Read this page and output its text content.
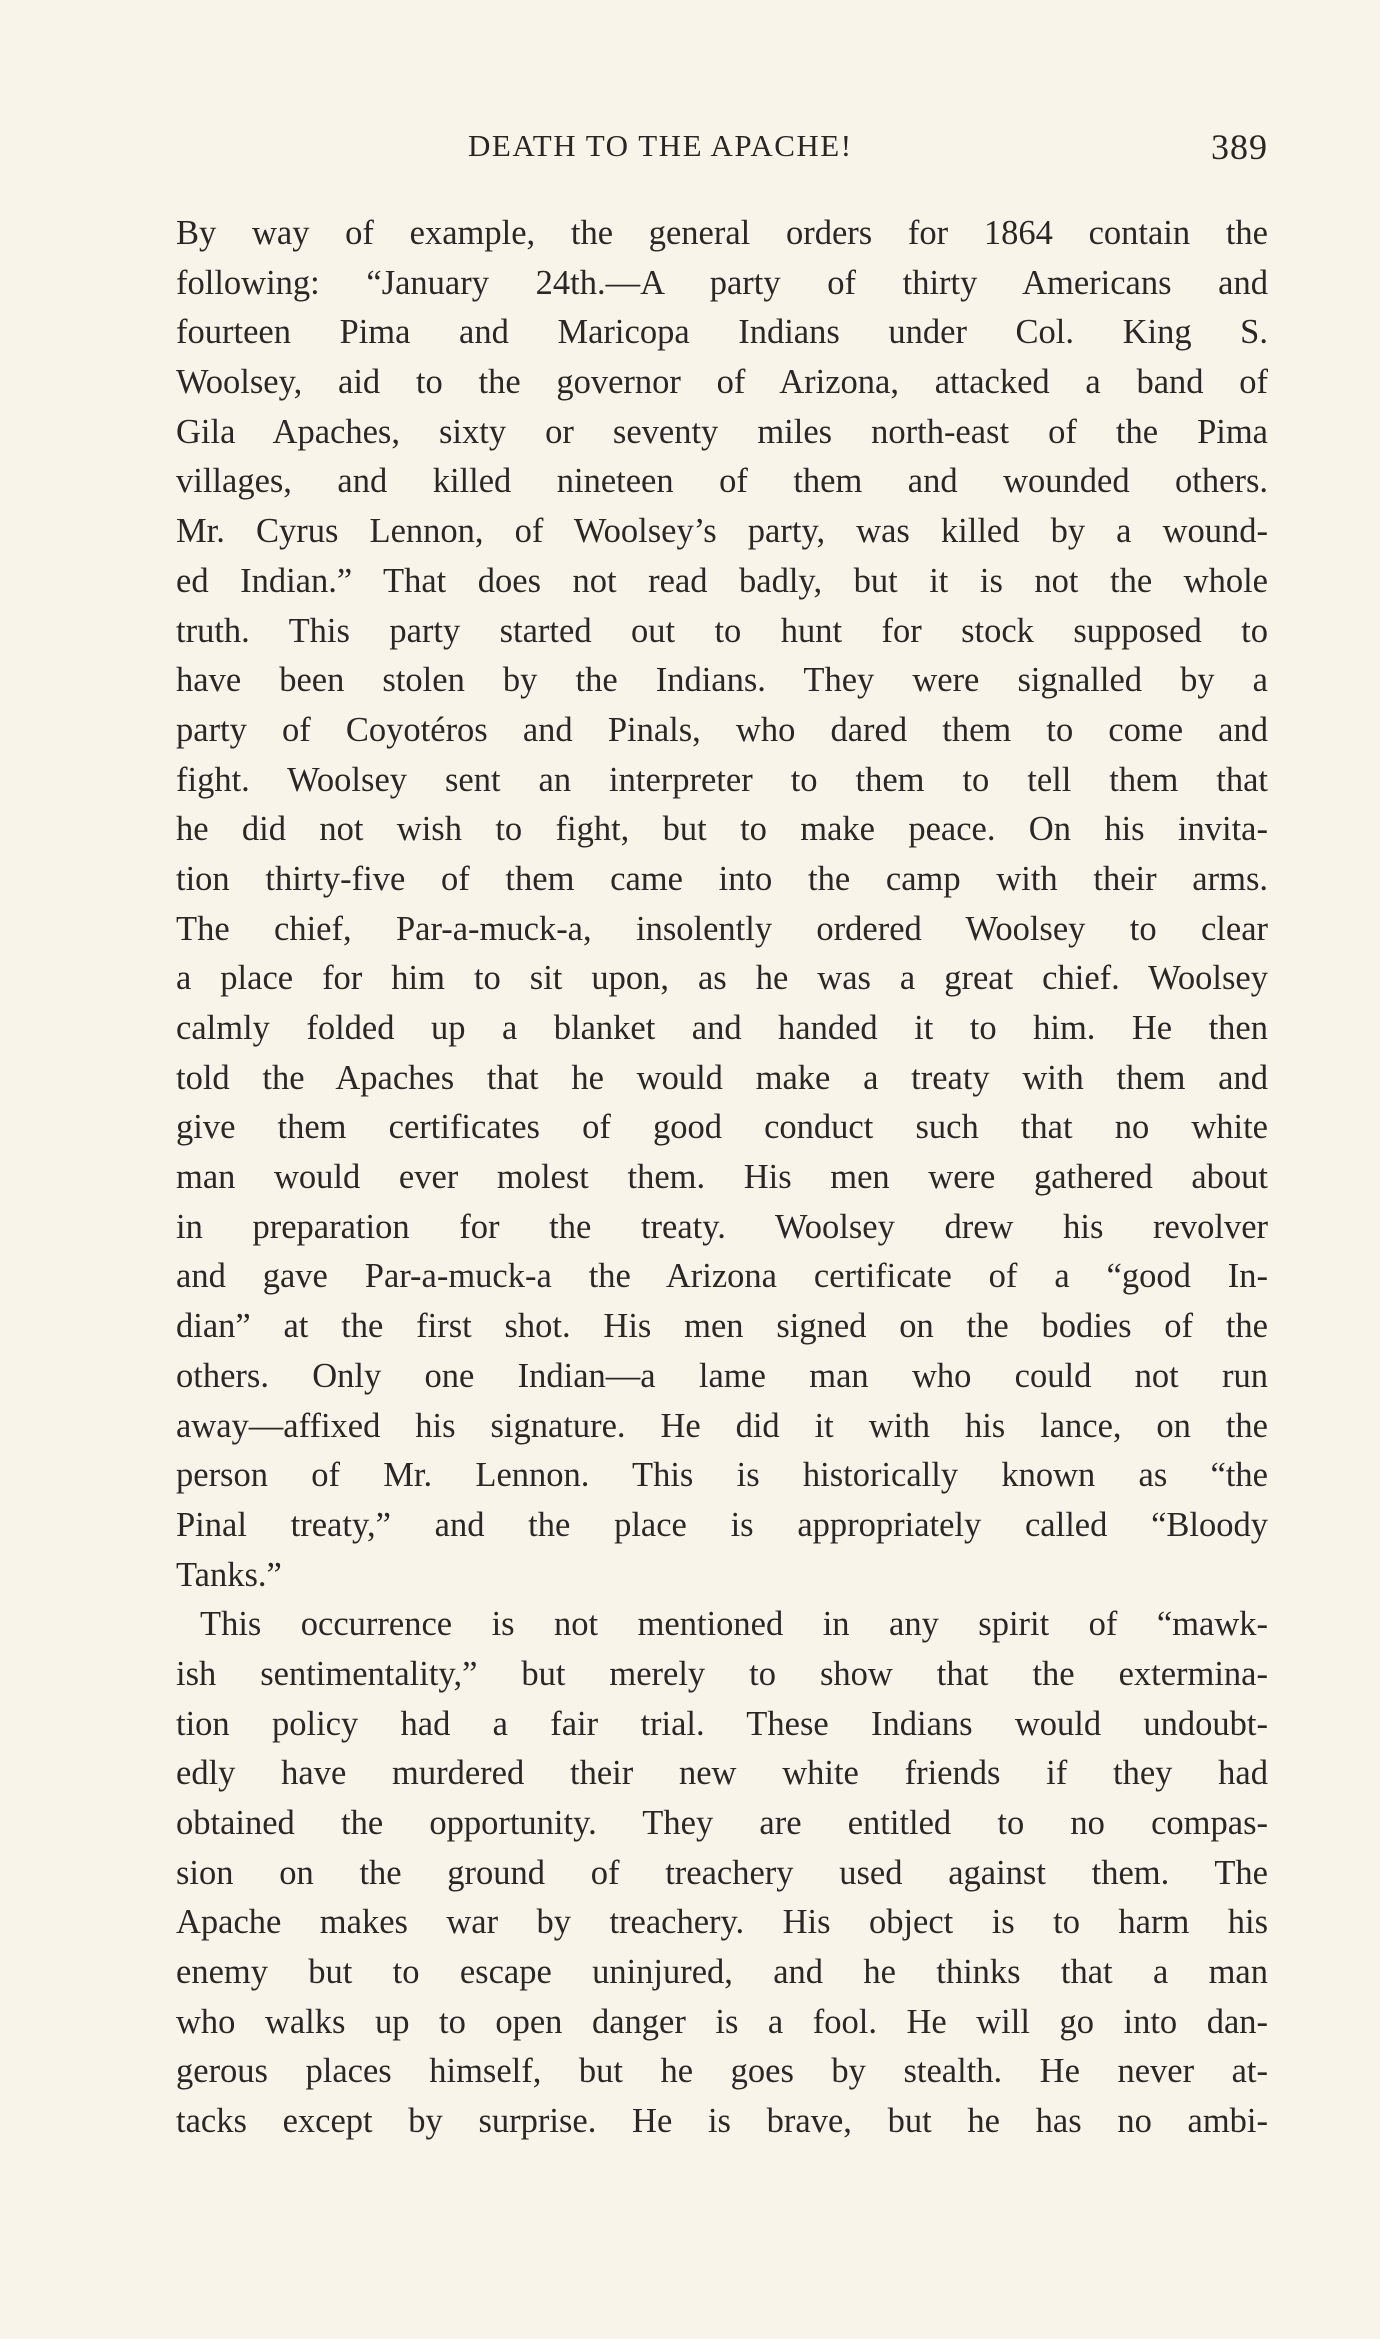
DEATH TO THE APACHE!	389
By way of example, the general orders for 1864 contain the
following: “January 24th.—A party of thirty Americans and
fourteen Pima and Maricopa Indians under Col. King S.
Woolsey, aid to the governor of Arizona, attacked a band of
Gila Apaches, sixty or seventy miles north-east of the Pima
villages, and killed nineteen of them and wounded others.
Mr. Cyrus Lennon, of Woolsey’s party, was killed by a wound-
ed Indian.” That does not read badly, but it is not the whole
truth. This party started out to hunt for stock supposed to
have been stolen by the Indians. They were signalled by a
party of Coyotéros and Pinals, who dared them to come and
fight. Woolsey sent an interpreter to them to tell them that
he did not wish to fight, but to make peace. On his invita-
tion thirty-five of them came into the camp with their arms.
The chief, Par-a-muck-a, insolently ordered Woolsey to clear
a place for him to sit upon, as he was a great chief. Woolsey
calmly folded up a blanket and handed it to him. He then
told the Apaches that he would make a treaty with them and
give them certificates of good conduct such that no white
man would ever molest them. His men were gathered about
in preparation for the treaty. Woolsey drew his revolver
and gave Par-a-muck-a the Arizona certificate of a “good In-
dian” at the first shot. His men signed on the bodies of the
others. Only one Indian—a lame man who could not run
away—affixed his signature. He did it with his lance, on the
person of Mr. Lennon. This is historically known as “the
Pinal treaty,” and the place is appropriately called “Bloody
Tanks.”
This occurrence is not mentioned in any spirit of “mawk-
ish sentimentality,” but merely to show that the extermina-
tion policy had a fair trial. These Indians would undoubt-
edly have murdered their new white friends if they had
obtained the opportunity. They are entitled to no compas-
sion on the ground of treachery used against them. The
Apache makes war by treachery. His object is to harm his
enemy but to escape uninjured, and he thinks that a man
who walks up to open danger is a fool. He will go into dan-
gerous places himself, but he goes by stealth. He never at-
tacks except by surprise. He is brave, but he has no ambi-
